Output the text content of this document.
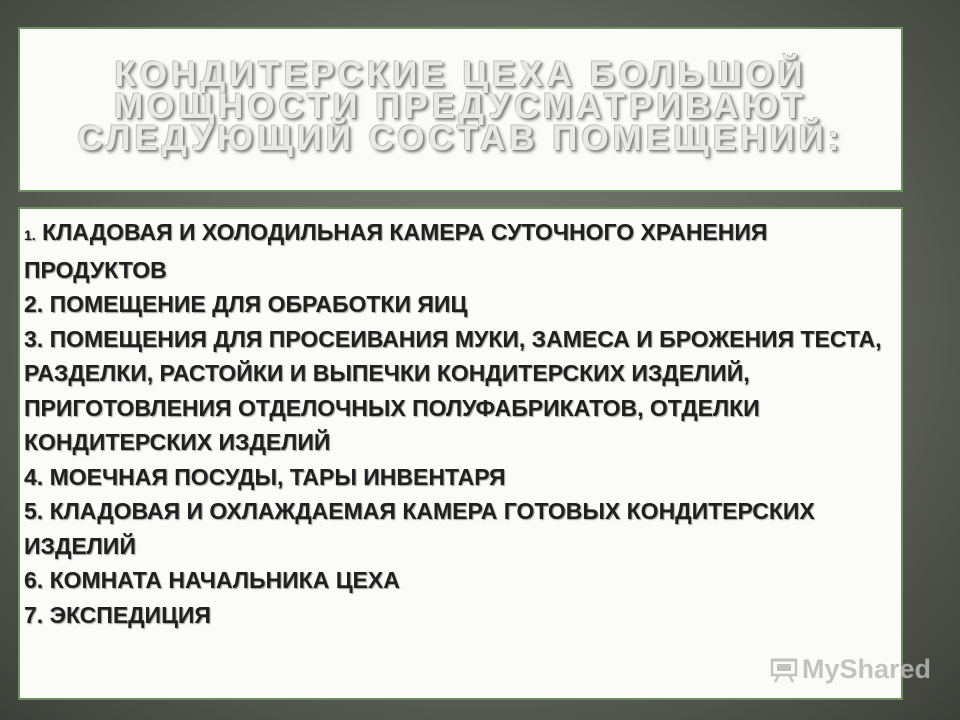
КОНДИТЕРСКИЕ ЦЕХА БОЛЬШОЙ
МОЩНОСТИ ПРЕДУСМАТРИВАЮТ
СЛЕДУЮЩИЙ СОСТАВ ПОМЕЩЕНИЙ:
1. КЛАДОВАЯ И ХОЛОДИЛЬНАЯ КАМЕРА СУТОЧНОГО ХРАНЕНИЯ ПРОДУКТОВ
2. ПОМЕЩЕНИЕ ДЛЯ ОБРАБОТКИ ЯИЦ
3. ПОМЕЩЕНИЯ ДЛЯ ПРОСЕИВАНИЯ МУКИ, ЗАМЕСА И БРОЖЕНИЯ ТЕСТА, РАЗДЕЛКИ, РАСТОЙКИ И ВЫПЕЧКИ КОНДИТЕРСКИХ ИЗДЕЛИЙ, ПРИГОТОВЛЕНИЯ ОТДЕЛОЧНЫХ ПОЛУФАБРИКАТОВ, ОТДЕЛКИ КОНДИТЕРСКИХ ИЗДЕЛИЙ
4. МОЕЧНАЯ ПОСУДЫ, ТАРЫ ИНВЕНТАРЯ
5. КЛАДОВАЯ И ОХЛАЖДАЕМАЯ КАМЕРА ГОТОВЫХ КОНДИТЕРСКИХ ИЗДЕЛИЙ
6. КОМНАТА НАЧАЛЬНИКА ЦЕХА
7. ЭКСПЕДИЦИЯ
MyShared
